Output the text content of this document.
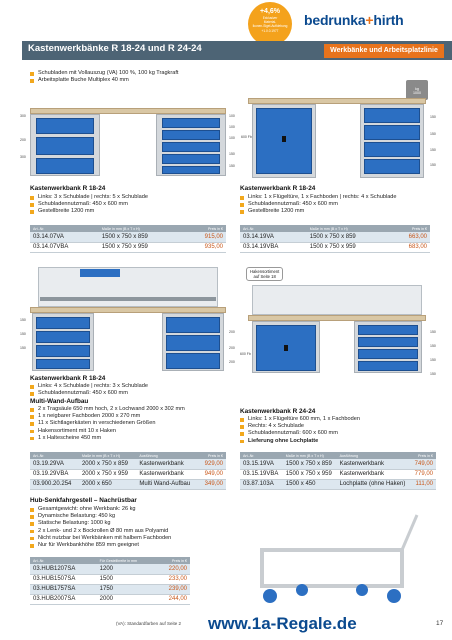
+4,6%
Exklusiver
Material-
Ikonen-Sigel-Aufklebung
+1.0.0.1977
bedrunka+hirth
Kastenwerkbänke R 18-24 und R 24-24	Werkbänke und Arbeitsplatzlinie
Schubladen mit Vollauszug (VA) 100 %, 100 kg Tragkraft
Arbeitsplatte Buche Multiplex 40 mm
kg
1000
300
200
300
100
100
100
150
150
600 Fb
150
150
150
150
Kastenwerkbank R 18-24
Links: 3 x Schublade | rechts: 5 x Schublade
Schubladennutzmaß: 450 x 600 mm
Gestellbreite 1200 mm
Art.-Nr.	Maße in mm (B x T x H)	Preis in €
03.14.07VA	1500 x 750 x 859	915,00
03.14.07VBA	1500 x 750 x 959	935,00
Kastenwerkbank R 18-24
Links: 1 x Flügeltüre, 1 x Fachboden | rechts: 4 x Schublade
Schubladennutzmaß: 450 x 600 mm
Gestellbreite 1200 mm
Art.-Nr.	Maße in mm (B x T x H)	Preis in €
03.14.19VA	1500 x 750 x 859	663,00
03.14.19VBA	1500 x 750 x 959	683,00
150
150
150
200
200
200
Hakensortiment
auf Seite 18
600 Fb
150
150
150
150
Kastenwerkbank R 18-24
Links: 4 x Schublade | rechts: 3 x Schublade
Schubladennutzmaß: 450 x 600 mm
Multi-Wand-Aufbau
2 x Tragsäule 650 mm hoch, 2 x Lochwand 2000 x 302 mm
1 x neigbarer Fachboden 2000 x 270 mm
11 x Sichtlagerkästen in verschiedenen Größen
Hakensortiment mit 10 x Haken
1 x Haltescheine 450 mm
Art.-Nr.	Maße in mm (B x T x H)	Ausführung	Preis in €
03.19.29VA	2000 x 750 x 859	Kastenwerkbank	929,00
03.19.29VBA	2000 x 750 x 959	Kastenwerkbank	949,00
03.900.20.254	2000 x 650	Multi Wand-Aufbau	349,00
Kastenwerkbank R 24-24
Links: 1 x Flügeltüre 600 mm, 1 x Fachboden
Rechts: 4 x Schublade
Schubladennutzmaß: 600 x 600 mm
Lieferung ohne Lochplatte
Art.-Nr.	Maße in mm (B x T x H)	Ausführung	Preis in €
03.15.19VA	1500 x 750 x 859	Kastenwerkbank	749,00
03.15.19VBA	1500 x 750 x 959	Kastenwerkbank	779,00
03.87.103A	1500 x 450	Lochplatte (ohne Haken)	111,00
Hub-Senkfahrgestell – Nachrüstbar
Gesamtgewicht: ohne Werkbank: 26 kg
Dynamische Belastung: 450 kg
Statische Belastung: 1000 kg
2 x Lenk- und 2 x Bockrollen Ø 80 mm aus Polyamid
Nicht nutzbar bei Werkbänken mit halbem Fachboden
Nur für Werkbankhöhe 859 mm geeignet
Art.-Nr.	Für Gestellbreite in mm	Preis in €
03.HUB1207SA	1200	220,00
03.HUB1507SA	1500	233,00
03.HUB1757SA	1750	239,00
03.HUB2007SA	2000	244,00
(VA): Standardfarben auf Seite 2 www.1a-Regale.de	17
